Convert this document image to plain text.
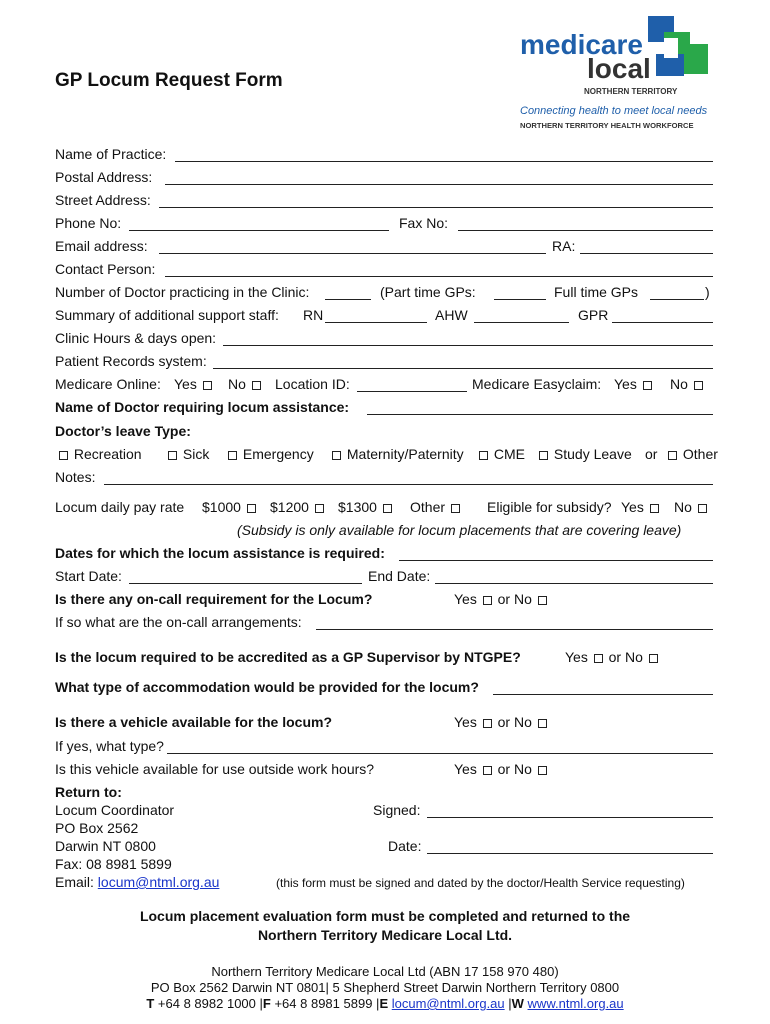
medicare
local
NORTHERN TERRITORY
Connecting health to meet local needs
NORTHERN TERRITORY HEALTH WORKFORCE
GP Locum Request Form
Name of Practice:
Postal Address:
Street Address:
Phone No:	Fax No:
Email address:	RA:
Contact Person:
Number of Doctor practicing in the Clinic:	(Part time GPs:	Full time GPs	)
Summary of additional support staff: RN	AHW	GPR
Clinic Hours & days open:
Patient Records system:
Medicare Online: Yes	No	Location ID:	Medicare Easyclaim: Yes	No
Name of Doctor requiring locum assistance:
Doctor’s leave Type:
Recreation	Sick	Emergency	Maternity/Paternity	CME	Study Leave or	Other
Notes:
Locum daily pay rate $1000	$1200	$1300	Other	Eligible for subsidy? Yes	No
(Subsidy is only available for locum placements that are covering leave)
Dates for which the locum assistance is required:
Start Date:	End Date:
Is there any on-call requirement for the Locum?	Yes or No
If so what are the on-call arrangements:
Is the locum required to be accredited as a GP Supervisor by NTGPE?	Yes or No
What type of accommodation would be provided for the locum?
Is there a vehicle available for the locum?	Yes or No
If yes, what type?
Is this vehicle available for use outside work hours?	Yes or No
Return to:
Locum Coordinator
PO Box 2562
Darwin NT 0800
Fax: 08 8981 5899
Email: locum@ntml.org.au
Signed:
Date:
(this form must be signed and dated by the doctor/Health Service requesting)
Locum placement evaluation form must be completed and returned to the
Northern Territory Medicare Local Ltd.
Northern Territory Medicare Local Ltd (ABN 17 158 970 480)
PO Box 2562 Darwin NT 0801| 5 Shepherd Street Darwin Northern Territory 0800
T +64 8 8982 1000 |F +64 8 8981 5899 |E locum@ntml.org.au |W www.ntml.org.au
